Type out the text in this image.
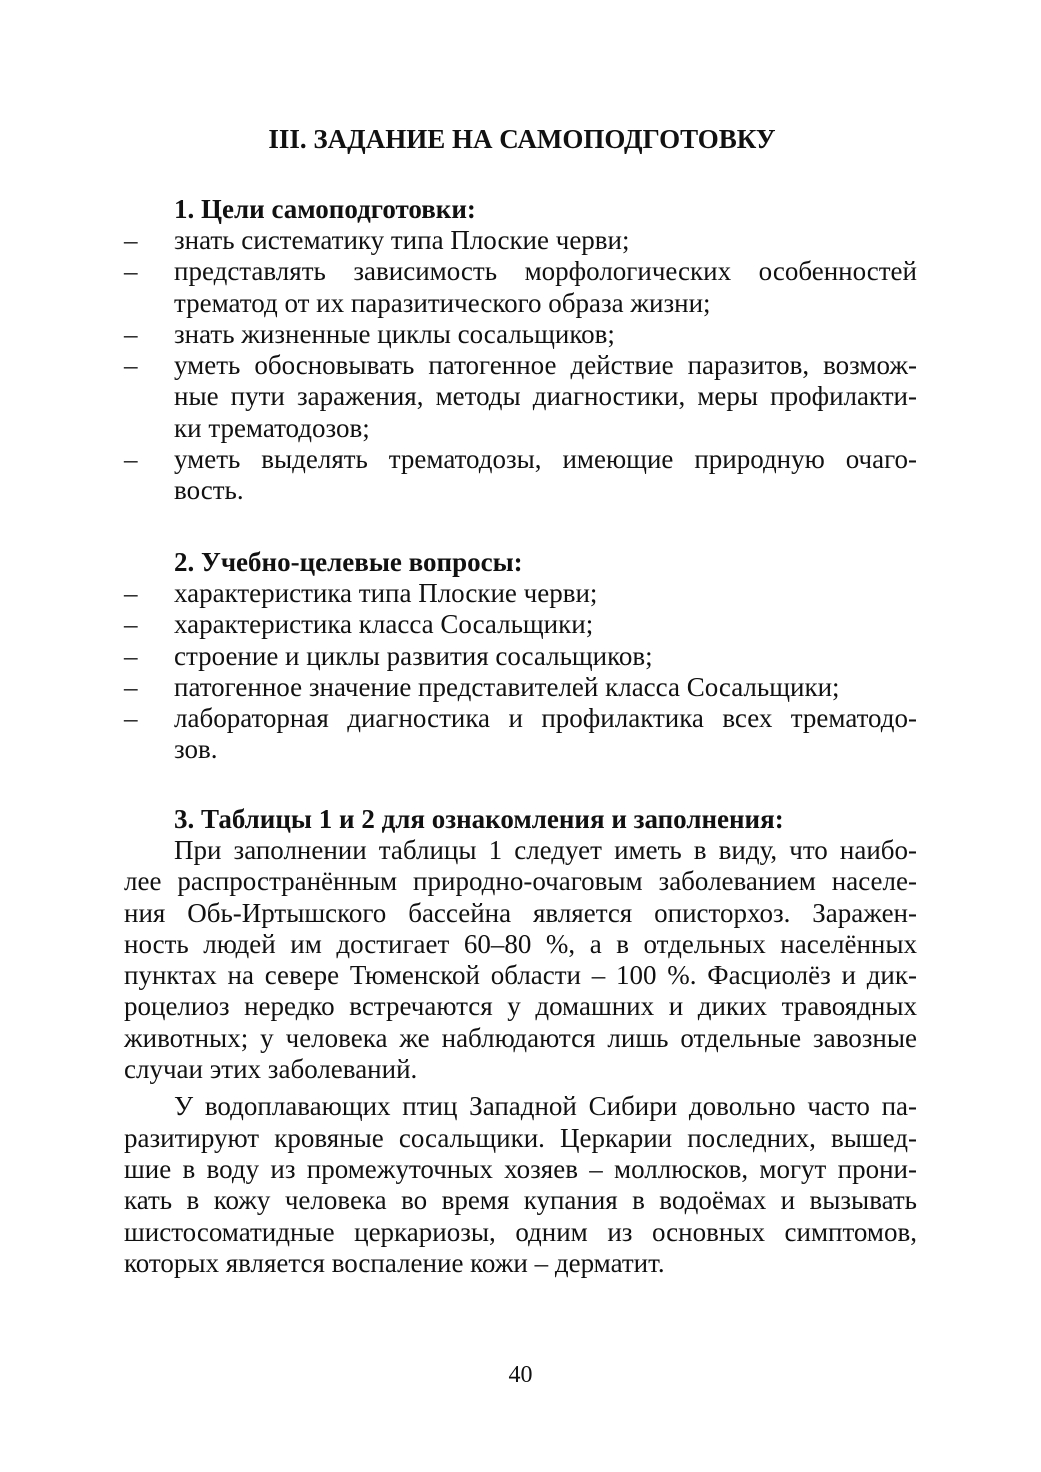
III. ЗАДАНИЕ НА САМОПОДГОТОВКУ

1. Цели самоподготовки:

– знать систематику типа Плоские черви;
– представлять зависимость морфологических особенностей
трематод от их паразитического образа жизни;
– знать жизненные циклы сосальщиков;
– уметь обосновывать патогенное действие паразитов, возмож-
ные пути заражения, методы диагностики, меры профилакти-
ки трематодозов;
– уметь выделять трематодозы, имеющие природную очаго-
вость.

2. Учебно-целевые вопросы:

– характеристика типа Плоские черви;
– характеристика класса Сосальщики;
– строение и циклы развития сосальщиков;
– патогенное значение представителей класса Сосальщики;
– лабораторная диагностика и профилактика всех трематодо-
зов.

3. Таблицы 1 и 2 для ознакомления и заполнения:

При заполнении таблицы 1 следует иметь в виду, что наибо-
лее распространённым природно-очаговым заболеванием населе-
ния Обь-Иртышского бассейна является описторхоз. Заражен-
ность людей им достигает 60–80 %, а в отдельных населённых
пунктах на севере Тюменской области – 100 %. Фасциолёз и дик-
роцелиоз нередко встречаются у домашних и диких травоядных
животных; у человека же наблюдаются лишь отдельные завозные
случаи этих заболеваний.
У водоплавающих птиц Западной Сибири довольно часто па-
разитируют кровяные сосальщики. Церкарии последних, вышед-
шие в воду из промежуточных хозяев – моллюсков, могут прони-
кать в кожу человека во время купания в водоёмах и вызывать
шистосоматидные церкариозы, одним из основных симптомов,
которых является воспаление кожи – дерматит.
40
